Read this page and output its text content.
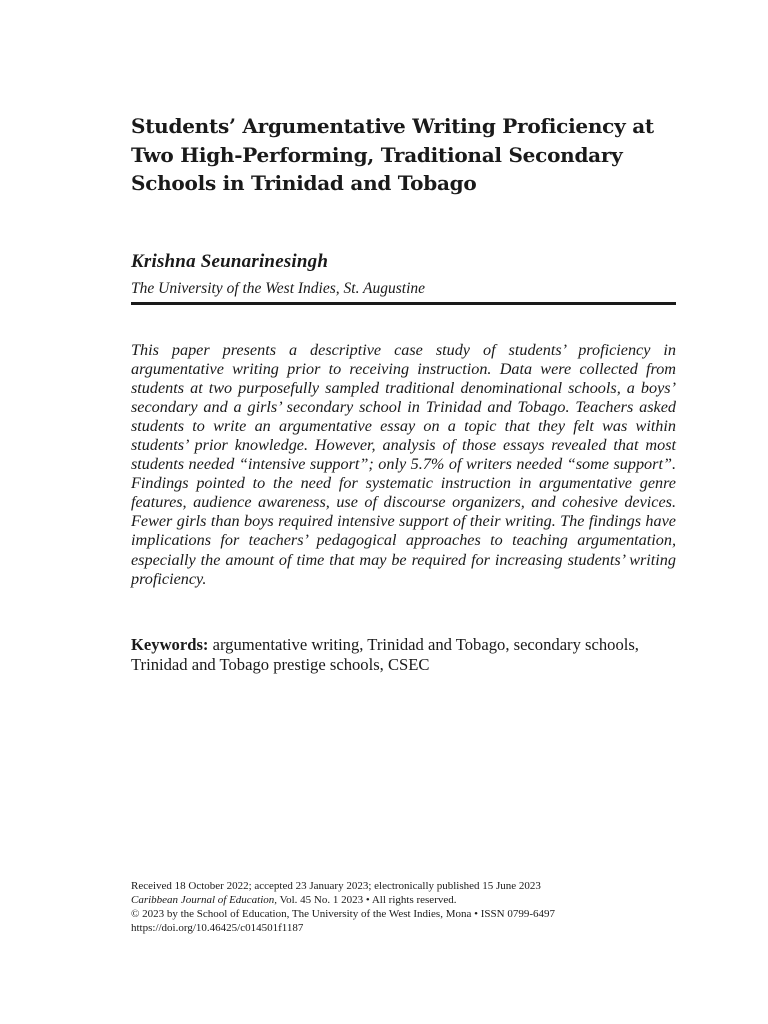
Students’ Argumentative Writing Proficiency at Two High-Performing, Traditional Secondary Schools in Trinidad and Tobago
Krishna Seunarinesingh
The University of the West Indies, St. Augustine

This paper presents a descriptive case study of students’ proficiency in argumentative writing prior to receiving instruction. Data were collected from students at two purposefully sampled traditional denominational schools, a boys’ secondary and a girls’ secondary school in Trinidad and Tobago. Teachers asked students to write an argumentative essay on a topic that they felt was within students’ prior knowledge. However, analysis of those essays revealed that most students needed “intensive support”; only 5.7% of writers needed “some support”. Findings pointed to the need for systematic instruction in argumentative genre features, audience awareness, use of discourse organizers, and cohesive devices. Fewer girls than boys required intensive support of their writing. The findings have implications for teachers’ pedagogical approaches to teaching argumentation, especially the amount of time that may be required for increasing students’ writing proficiency.

Keywords: argumentative writing, Trinidad and Tobago, secondary schools, Trinidad and Tobago prestige schools, CSEC

Received 18 October 2022; accepted 23 January 2023; electronically published 15 June 2023
Caribbean Journal of Education, Vol. 45 No. 1 2023 • All rights reserved.
© 2023 by the School of Education, The University of the West Indies, Mona • ISSN 0799-6497
https://doi.org/10.46425/c014501f1187
